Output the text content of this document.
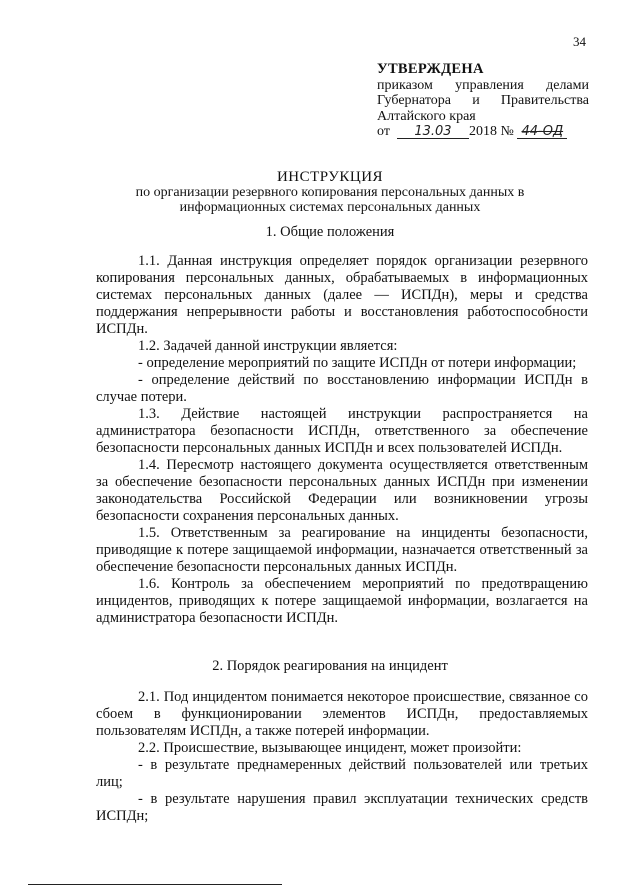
34
УТВЕРЖДЕНА
приказом управления делами
Губернатора и Правительства
Алтайского края
от 13.03 2018 № 44-ОД
ИНСТРУКЦИЯ
по организации резервного копирования персональных данных в
информационных системах персональных данных
1. Общие положения

1.1. Данная инструкция определяет порядок организации резервного копирования персональных данных, обрабатываемых в информационных системах персональных данных (далее — ИСПДн), меры и средства поддержания непрерывности работы и восстановления работоспособности ИСПДн.

1.2. Задачей данной инструкции является:

- определение мероприятий по защите ИСПДн от потери информации;

- определение действий по восстановлению информации ИСПДн в случае потери.

1.3. Действие настоящей инструкции распространяется на администратора безопасности ИСПДн, ответственного за обеспечение безопасности персональных данных ИСПДн и всех пользователей ИСПДн.

1.4. Пересмотр настоящего документа осуществляется ответственным за обеспечение безопасности персональных данных ИСПДн при изменении законодательства Российской Федерации или возникновении угрозы безопасности сохранения персональных данных.

1.5. Ответственным за реагирование на инциденты безопасности, приводящие к потере защищаемой информации, назначается ответственный за обеспечение безопасности персональных данных ИСПДн.

1.6. Контроль за обеспечением мероприятий по предотвращению инцидентов, приводящих к потере защищаемой информации, возлагается на администратора безопасности ИСПДн.

2. Порядок реагирования на инцидент

2.1. Под инцидентом понимается некоторое происшествие, связанное со сбоем в функционировании элементов ИСПДн, предоставляемых пользователям ИСПДн, а также потерей информации.

2.2. Происшествие, вызывающее инцидент, может произойти:

- в результате преднамеренных действий пользователей или третьих лиц;

- в результате нарушения правил эксплуатации технических средств ИСПДн;
